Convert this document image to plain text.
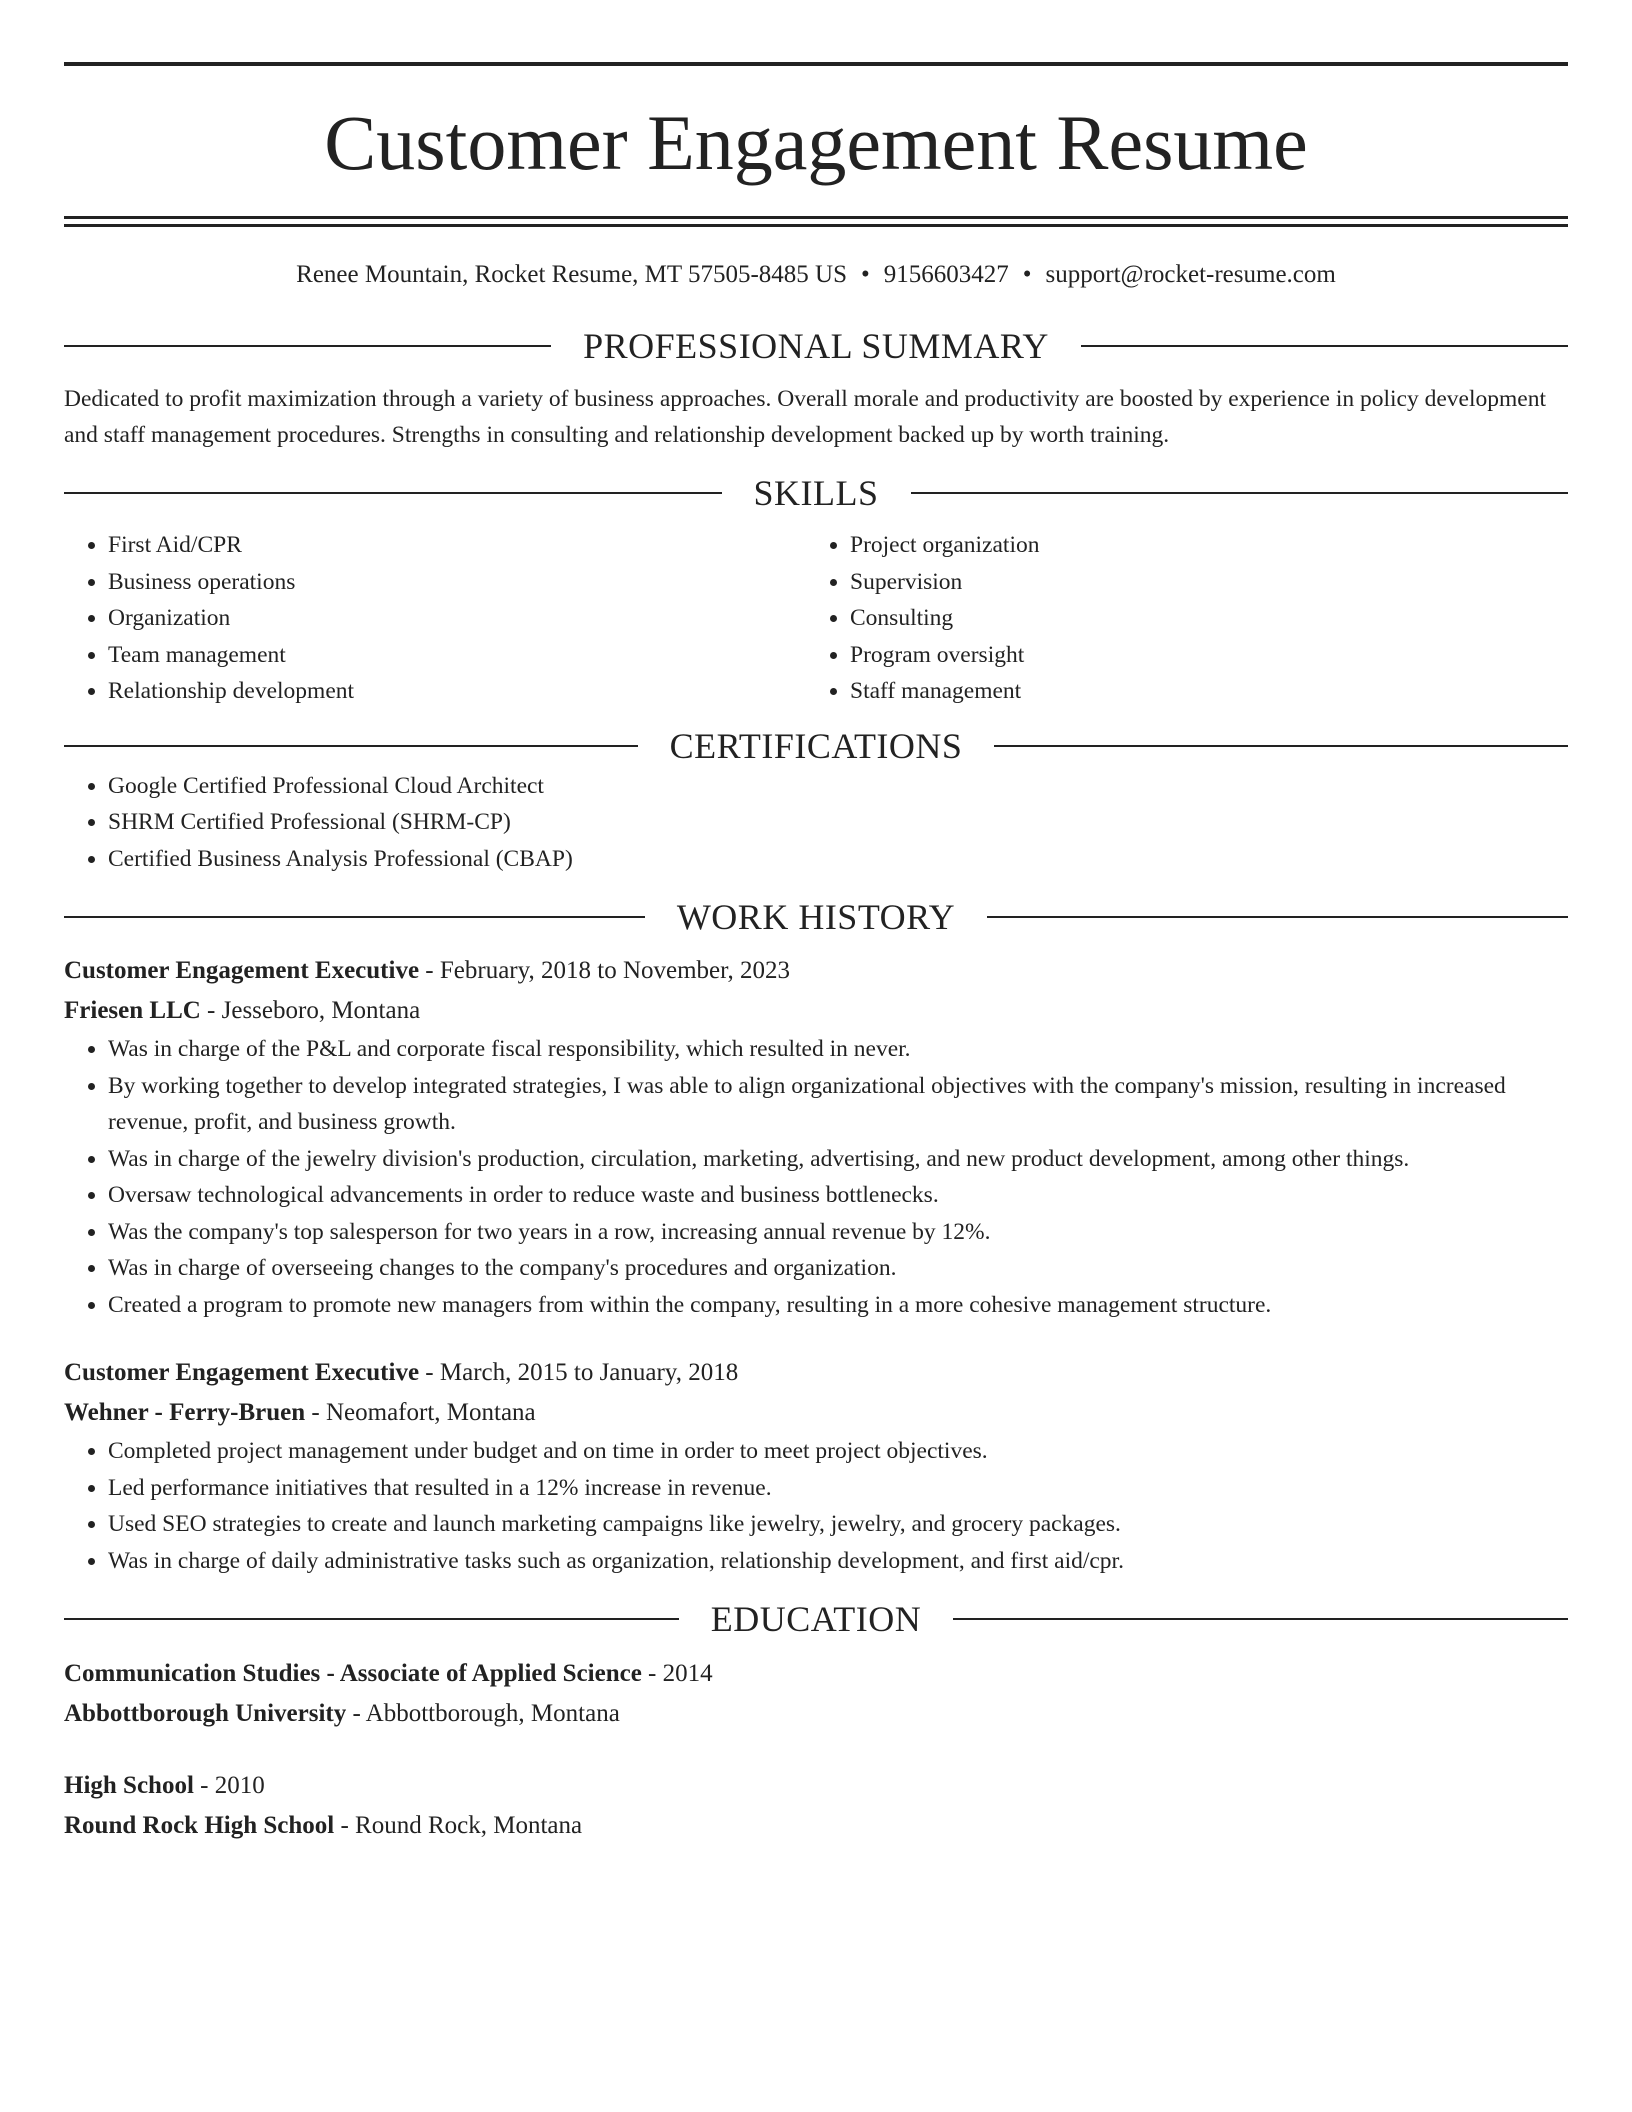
Customer Engagement Resume
Renee Mountain, Rocket Resume, MT 57505-8485 US • 9156603427 • support@rocket-resume.com
PROFESSIONAL SUMMARY

Dedicated to profit maximization through a variety of business approaches. Overall morale and productivity are boosted by experience in policy development and staff management procedures. Strengths in consulting and relationship development backed up by worth training.

SKILLS
• First Aid/CPR
• Business operations
• Organization
• Team management
• Relationship development
• Project organization
• Supervision
• Consulting
• Program oversight
• Staff management
CERTIFICATIONS
• Google Certified Professional Cloud Architect
• SHRM Certified Professional (SHRM-CP)
• Certified Business Analysis Professional (CBAP)
WORK HISTORY
Customer Engagement Executive - February, 2018 to November, 2023
Friesen LLC - Jesseboro, Montana
• Was in charge of the P&L and corporate fiscal responsibility, which resulted in never.
• By working together to develop integrated strategies, I was able to align organizational objectives with the company's mission, resulting in increased revenue, profit, and business growth.
• Was in charge of the jewelry division's production, circulation, marketing, advertising, and new product development, among other things.
• Oversaw technological advancements in order to reduce waste and business bottlenecks.
• Was the company's top salesperson for two years in a row, increasing annual revenue by 12%.
• Was in charge of overseeing changes to the company's procedures and organization.
• Created a program to promote new managers from within the company, resulting in a more cohesive management structure.
Customer Engagement Executive - March, 2015 to January, 2018
Wehner - Ferry-Bruen - Neomafort, Montana
• Completed project management under budget and on time in order to meet project objectives.
• Led performance initiatives that resulted in a 12% increase in revenue.
• Used SEO strategies to create and launch marketing campaigns like jewelry, jewelry, and grocery packages.
• Was in charge of daily administrative tasks such as organization, relationship development, and first aid/cpr.
EDUCATION
Communication Studies - Associate of Applied Science - 2014
Abbottborough University - Abbottborough, Montana
High School - 2010
Round Rock High School - Round Rock, Montana
